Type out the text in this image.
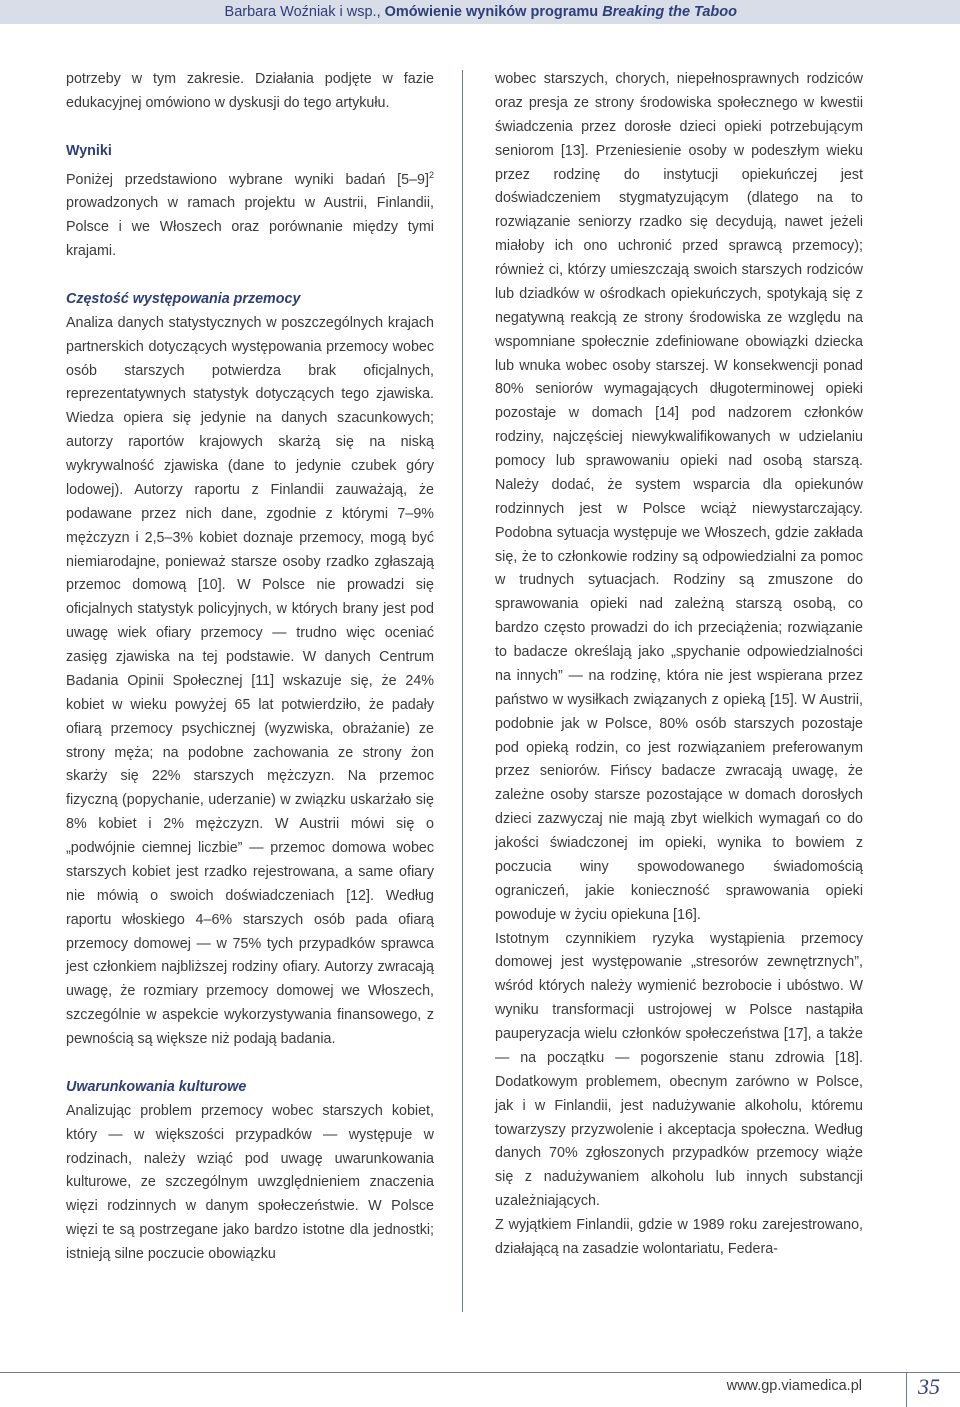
Barbara Woźniak i wsp., Omówienie wyników programu Breaking the Taboo

potrzeby w tym zakresie. Działania podjęte w fazie edukacyjnej omówiono w dyskusji do tego artykułu.

Wyniki

Poniżej przedstawiono wybrane wyniki badań $[5-9]^2$ prowadzonych w ramach projektu w Austrii, Finlandii, Polsce i we Włoszech oraz porównanie między tymi krajami.

Częstość występowania przemocy

Analiza danych statystycznych w poszczególnych krajach partnerskich dotyczących występowania przemocy wobec osób starszych potwierdza brak oficjalnych, reprezentatywnych statystyk dotyczących tego zjawiska. Wiedza opiera się jedynie na danych szacunkowych; autorzy raportów krajowych skarżą się na niską wykrywalność zjawiska (dane to jedynie czubek góry lodowej). Autorzy raportu z Finlandii zauważają, że podawane przez nich dane, zgodnie z którymi 7–9% mężczyzn i 2,5–3% kobiet doznaje przemocy, mogą być niemiarodajne, ponieważ starsze osoby rzadko zgłaszają przemoc domową [10]. W Polsce nie prowadzi się oficjalnych statystyk policyjnych, w których brany jest pod uwagę wiek ofiary przemocy — trudno więc oceniać zasięg zjawiska na tej podstawie. W danych Centrum Badania Opinii Społecznej [11] wskazuje się, że 24% kobiet w wieku powyżej 65 lat potwierdziło, że padały ofiarą przemocy psychicznej (wyzwiska, obrażanie) ze strony męża; na podobne zachowania ze strony żon skarży się 22% starszych mężczyzn. Na przemoc fizyczną (popychanie, uderzanie) w związku uskarżało się 8% kobiet i 2% mężczyzn. W Austrii mówi się o „podwójnie ciemnej liczbie” — przemoc domowa wobec starszych kobiet jest rzadko rejestrowana, a same ofiary nie mówią o swoich doświadczeniach [12]. Według raportu włoskiego 4–6% starszych osób pada ofiarą przemocy domowej — w 75% tych przypadków sprawca jest członkiem najbliższej rodziny ofiary. Autorzy zwracają uwagę, że rozmiary przemocy domowej we Włoszech, szczególnie w aspekcie wykorzystywania finansowego, z pewnością są większe niż podają badania.

Uwarunkowania kulturowe

Analizując problem przemocy wobec starszych kobiet, który — w większości przypadków — występuje w rodzinach, należy wziąć pod uwagę uwarunkowania kulturowe, ze szczególnym uwzględnieniem znaczenia więzi rodzinnych w danym społeczeństwie. W Polsce więzi te są postrzegane jako bardzo istotne dla jednostki; istnieją silne poczucie obowiązku

wobec starszych, chorych, niepełnosprawnych rodziców oraz presja ze strony środowiska społecznego w kwestii świadczenia przez dorosłe dzieci opieki potrzebującym seniorom [13]. Przeniesienie osoby w podeszłym wieku przez rodzinę do instytucji opiekuńczej jest doświadczeniem stygmatyzującym (dlatego na to rozwiązanie seniorzy rzadko się decydują, nawet jeżeli miałoby ich ono uchronić przed sprawcą przemocy); również ci, którzy umieszczają swoich starszych rodziców lub dziadków w ośrodkach opiekuńczych, spotykają się z negatywną reakcją ze strony środowiska ze względu na wspomniane społecznie zdefiniowane obowiązki dziecka lub wnuka wobec osoby starszej. W konsekwencji ponad 80% seniorów wymagających długoterminowej opieki pozostaje w domach [14] pod nadzorem członków rodziny, najczęściej niewykwalifikowanych w udzielaniu pomocy lub sprawowaniu opieki nad osobą starszą. Należy dodać, że system wsparcia dla opiekunów rodzinnych jest w Polsce wciąż niewystarczający. Podobna sytuacja występuje we Włoszech, gdzie zakłada się, że to członkowie rodziny są odpowiedzialni za pomoc w trudnych sytuacjach. Rodziny są zmuszone do sprawowania opieki nad zależną starszą osobą, co bardzo często prowadzi do ich przeciążenia; rozwiązanie to badacze określają jako „spychanie odpowiedzialności na innych” — na rodzinę, która nie jest wspierana przez państwo w wysiłkach związanych z opieką [15]. W Austrii, podobnie jak w Polsce, 80% osób starszych pozostaje pod opieką rodzin, co jest rozwiązaniem preferowanym przez seniorów. Fińscy badacze zwracają uwagę, że zależne osoby starsze pozostające w domach dorosłych dzieci zazwyczaj nie mają zbyt wielkich wymagań co do jakości świadczonej im opieki, wynika to bowiem z poczucia winy spowodowanego świadomością ograniczeń, jakie konieczność sprawowania opieki powoduje w życiu opiekuna [16].

Istotnym czynnikiem ryzyka wystąpienia przemocy domowej jest występowanie „stresorów zewnętrznych”, wśród których należy wymienić bezrobocie i ubóstwo. W wyniku transformacji ustrojowej w Polsce nastąpiła pauperyzacja wielu członków społeczeństwa [17], a także — na początku — pogorszenie stanu zdrowia [18]. Dodatkowym problemem, obecnym zarówno w Polsce, jak i w Finlandii, jest nadużywanie alkoholu, któremu towarzyszy przyzwolenie i akceptacja społeczna. Według danych 70% zgłoszonych przypadków przemocy wiąże się z nadużywaniem alkoholu lub innych substancji uzależniających.

Z wyjątkiem Finlandii, gdzie w 1989 roku zarejestrowano, działającą na zasadzie wolontariatu, Federa-

www.gp.viamedica.pl	35
